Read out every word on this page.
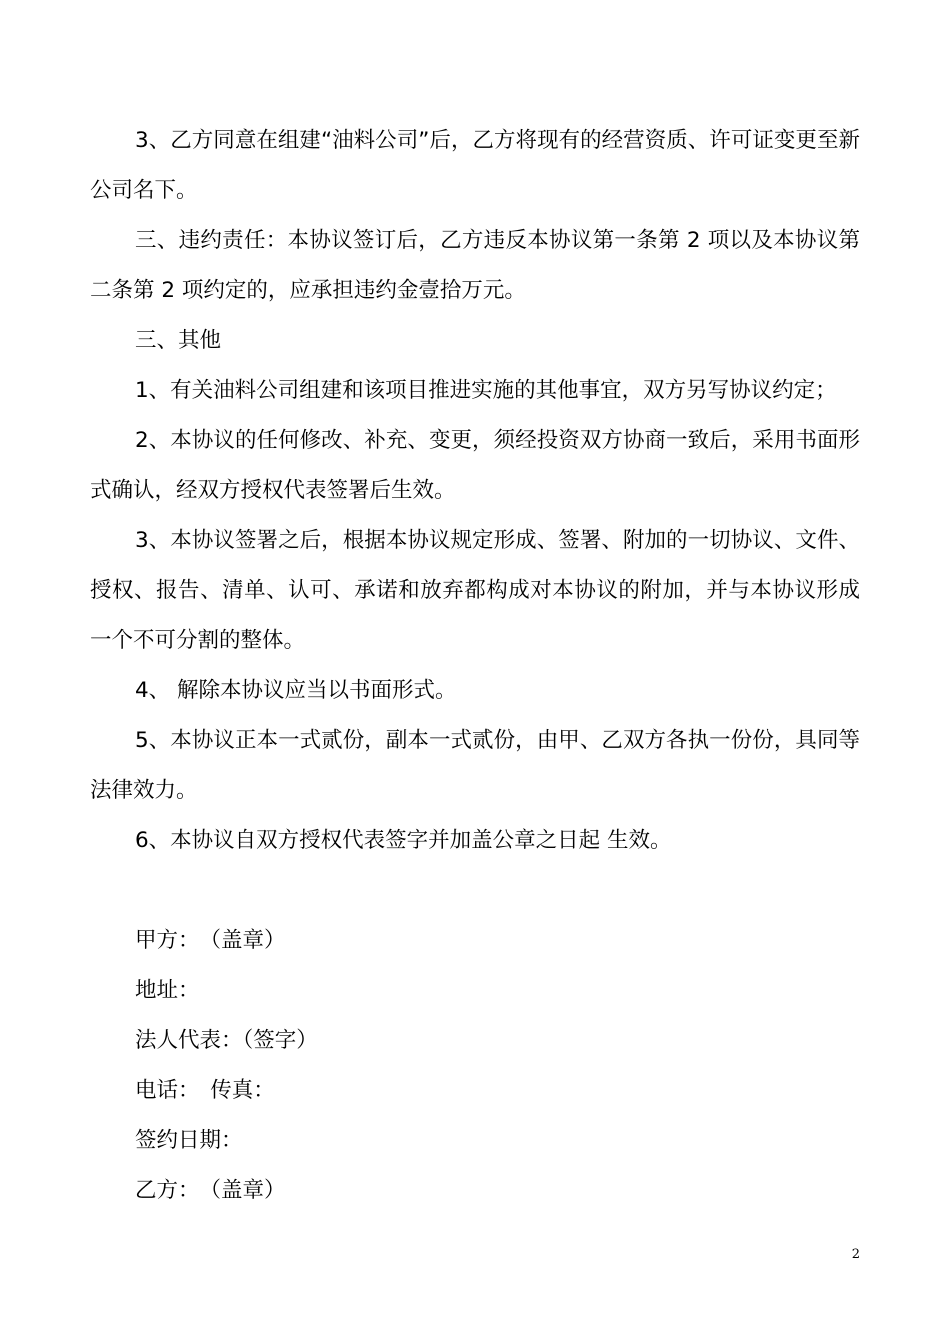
3、乙方同意在组建“油料公司”后，乙方将现有的经营资质、许可证变更至新公司名下。

三、违约责任：本协议签订后，乙方违反本协议第一条第 2 项以及本协议第二条第 2 项约定的，应承担违约金壹拾万元。

三、其他

1、有关油料公司组建和该项目推进实施的其他事宜，双方另写协议约定；

2、本协议的任何修改、补充、变更，须经投资双方协商一致后，采用书面形式确认，经双方授权代表签署后生效。

3、本协议签署之后，根据本协议规定形成、签署、附加的一切协议、文件、授权、报告、清单、认可、承诺和放弃都构成对本协议的附加，并与本协议形成一个不可分割的整体。

4、 解除本协议应当以书面形式。

5、本协议正本一式贰份，副本一式贰份，由甲、乙双方各执一份份，具同等法律效力。

6、本协议自双方授权代表签字并加盖公章之日起 生效。

甲方：　（盖章）

地址：

法人代表：（签字）

电话：　传真：

签约日期：

乙方：　（盖章）

2
